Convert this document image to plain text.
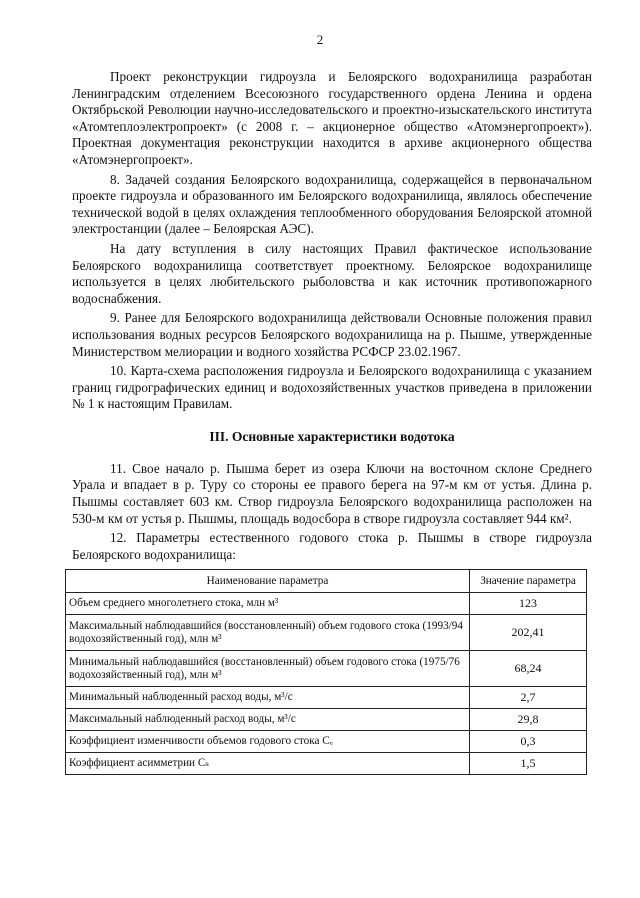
2

Проект реконструкции гидроузла и Белоярского водохранилища разработан Ленинградским отделением Всесоюзного государственного ордена Ленина и ордена Октябрьской Революции научно-исследовательского и проектно-изыскательского института «Атомтеплоэлектропроект» (с 2008 г. – акционерное общество «Атомэнергопроект»). Проектная документация реконструкции находится в архиве акционерного общества «Атомэнергопроект».

8. Задачей создания Белоярского водохранилища, содержащейся в первоначальном проекте гидроузла и образованного им Белоярского водохранилища, являлось обеспечение технической водой в целях охлаждения теплообменного оборудования Белоярской атомной электростанции (далее – Белоярская АЭС).

На дату вступления в силу настоящих Правил фактическое использование Белоярского водохранилища соответствует проектному. Белоярское водохранилище используется в целях любительского рыболовства и как источник противопожарного водоснабжения.

9. Ранее для Белоярского водохранилища действовали Основные положения правил использования водных ресурсов Белоярского водохранилища на р. Пышме, утвержденные Министерством мелиорации и водного хозяйства РСФСР 23.02.1967.

10. Карта-схема расположения гидроузла и Белоярского водохранилища с указанием границ гидрографических единиц и водохозяйственных участков приведена в приложении № 1 к настоящим Правилам.

III. Основные характеристики водотока

11. Свое начало р. Пышма берет из озера Ключи на восточном склоне Среднего Урала и впадает в р. Туру со стороны ее правого берега на 97-м км от устья. Длина р. Пышмы составляет 603 км. Створ гидроузла Белоярского водохранилища расположен на 530-м км от устья р. Пышмы, площадь водосбора в створе гидроузла составляет 944 км².

12. Параметры естественного годового стока р. Пышмы в створе гидроузла Белоярского водохранилища:

Наименование параметра	Значение параметра
Объем среднего многолетнего стока, млн м³	123
Максимальный наблюдавшийся (восстановленный) объем годового стока (1993/94 водохозяйственный год), млн м³	202,41
Минимальный наблюдавшийся (восстановленный) объем годового стока (1975/76 водохозяйственный год), млн м³	68,24
Минимальный наблюденный расход воды, м³/с	2,7
Максимальный наблюденный расход воды, м³/с	29,8
Коэффициент изменчивости объемов годового стока Cᵥ	0,3
Коэффициент асимметрии Cₛ	1,5
